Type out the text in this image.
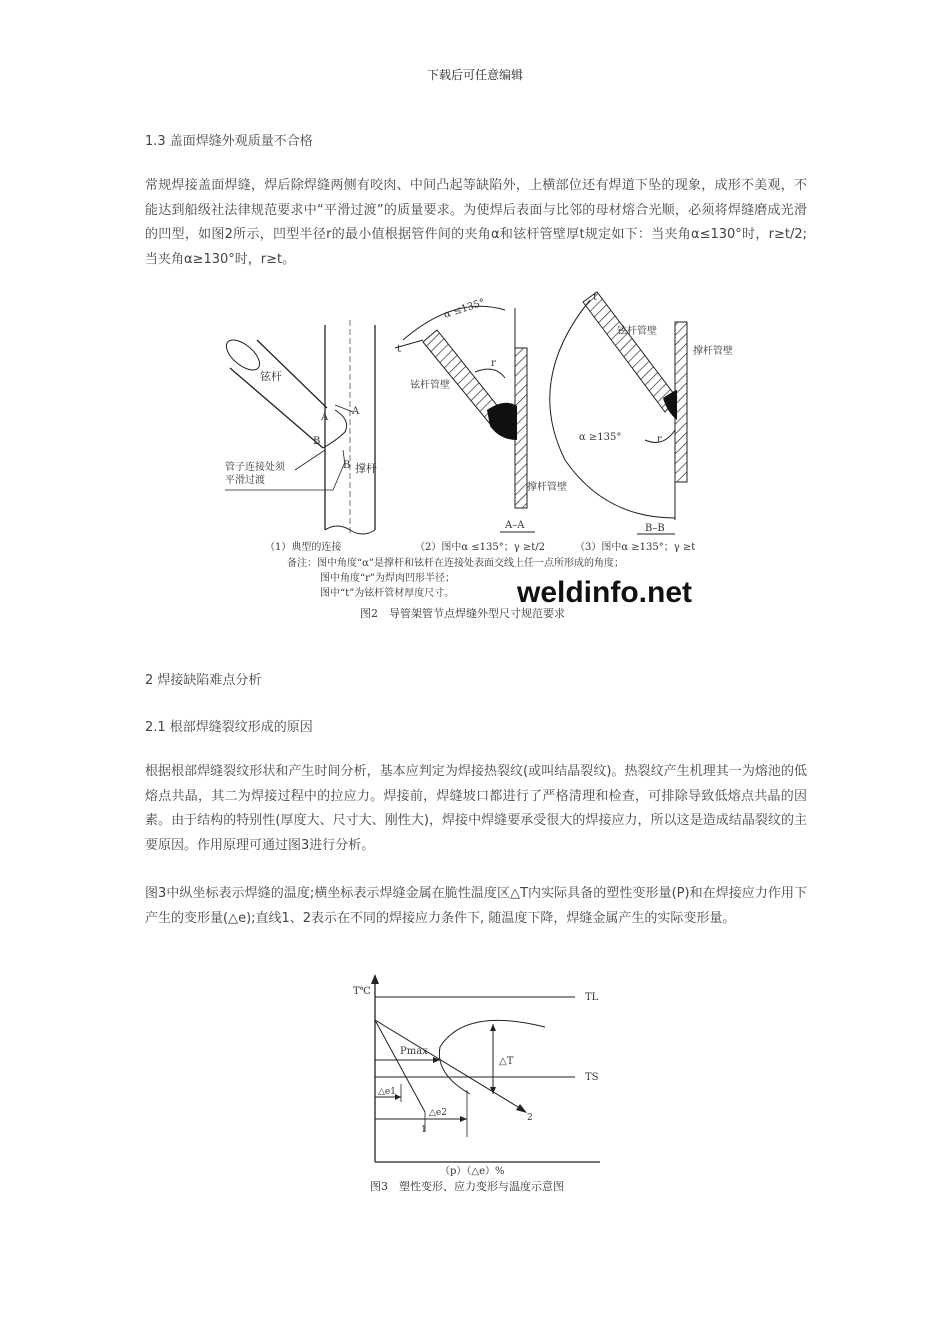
下载后可任意编辑
1.3 盖面焊缝外观质量不合格

常规焊接盖面焊缝，焊后除焊缝两侧有咬肉、中间凸起等缺陷外，上横部位还有焊道下坠的现象，成形不美观，不能达到船级社法律规范要求中“平滑过渡”的质量要求。为使焊后表面与比邻的母材熔合光顺，必须将焊缝磨成光滑的凹型，如图2所示，凹型半径r的最小值根据管件间的夹角α和铉杆管壁厚t规定如下：当夹角α≤130°时，r≥t/2;当夹角α≥130°时，r≥t。

铉杆
撑杆
A
B
A
B
管子连接处须
平滑过渡
α ≤135°
铉杆管壁
撑杆管壁
r
t
A–A
α ≥135°
铉杆管壁
撑杆管壁
r
t
B–B
（1）典型的连接	（2）图中α ≤135°；γ ≥t/2	（3）图中α ≥135°；γ ≥t
备注：图中角度“α”是撑杆和铉杆在连接处表面交线上任一点所形成的角度；
图中角度“r”为焊肉凹形半径；
图中“t”为铉杆管材厚度尺寸。 weldinfo.net
图2　导管架管节点焊缝外型尺寸规范要求
2 焊接缺陷难点分析
2.1 根部焊缝裂纹形成的原因

根据根部焊缝裂纹形状和产生时间分析，基本应判定为焊接热裂纹(或叫结晶裂纹)。热裂纹产生机理其一为熔池的低熔点共晶，其二为焊接过程中的拉应力。焊接前，焊缝坡口都进行了严格清理和检查，可排除导致低熔点共晶的因素。由于结构的特别性(厚度大、尺寸大、刚性大)，焊接中焊缝要承受很大的焊接应力，所以这是造成结晶裂纹的主要原因。作用原理可通过图3进行分析。

图3中纵坐标表示焊缝的温度;横坐标表示焊缝金属在脆性温度区△T内实际具备的塑性变形量(P)和在焊接应力作用下产生的变形量(△e);直线1、2表示在不同的焊接应力条件下, 随温度下降，焊缝金属产生的实际变形量。

T℃
TL
TS
Pmax
△T
△e1
△e2
1
2
（p）（△e）%
图3　塑性变形、应力变形与温度示意图
